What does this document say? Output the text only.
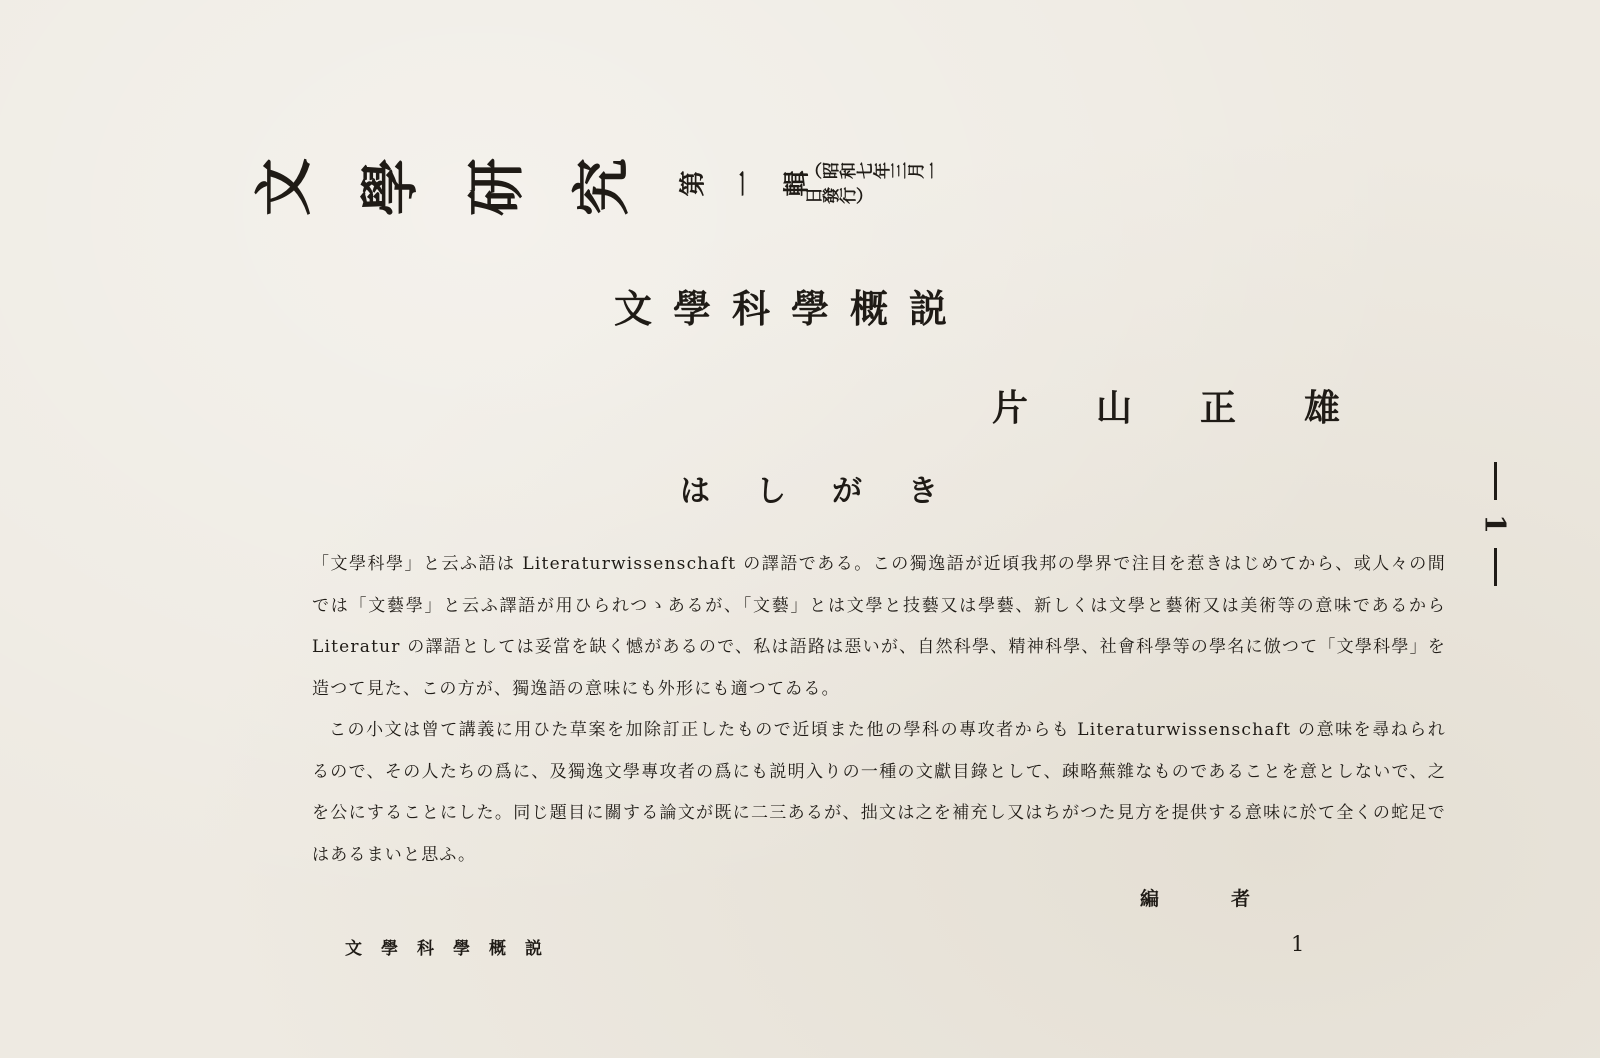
文 學 研 究 第 一 輯
（昭和七年三月一日發行）
文學科學概説
片山正雄
はしがき
1

「文學科學」と云ふ語は Literaturwissenschaft の譯語である。この獨逸語が近頃我邦の學界で注目を惹きはじめてから、或人々の間では「文藝學」と云ふ譯語が用ひられつゝあるが、「文藝」とは文學と技藝又は學藝、新しくは文學と藝術又は美術等の意味であるから Literatur の譯語としては妥當を缺く憾があるので、私は語路は惡いが、自然科學、精神科學、社會科學等の學名に倣つて「文學科學」を造つて見た、この方が、獨逸語の意味にも外形にも適つてゐる。

この小文は曾て講義に用ひた草案を加除訂正したもので近頃また他の學科の專攻者からも Literaturwissenschaft の意味を尋ねられるので、その人たちの爲に、及獨逸文學專攻者の爲にも説明入りの一種の文獻目錄として、疎略蕪雜なものであることを意としないで、之を公にすることにした。同じ題目に關する論文が既に二三あるが、拙文は之を補充し又はちがつた見方を提供する意味に於て全くの蛇足ではあるまいと思ふ。

編者
文學科學概説	1
